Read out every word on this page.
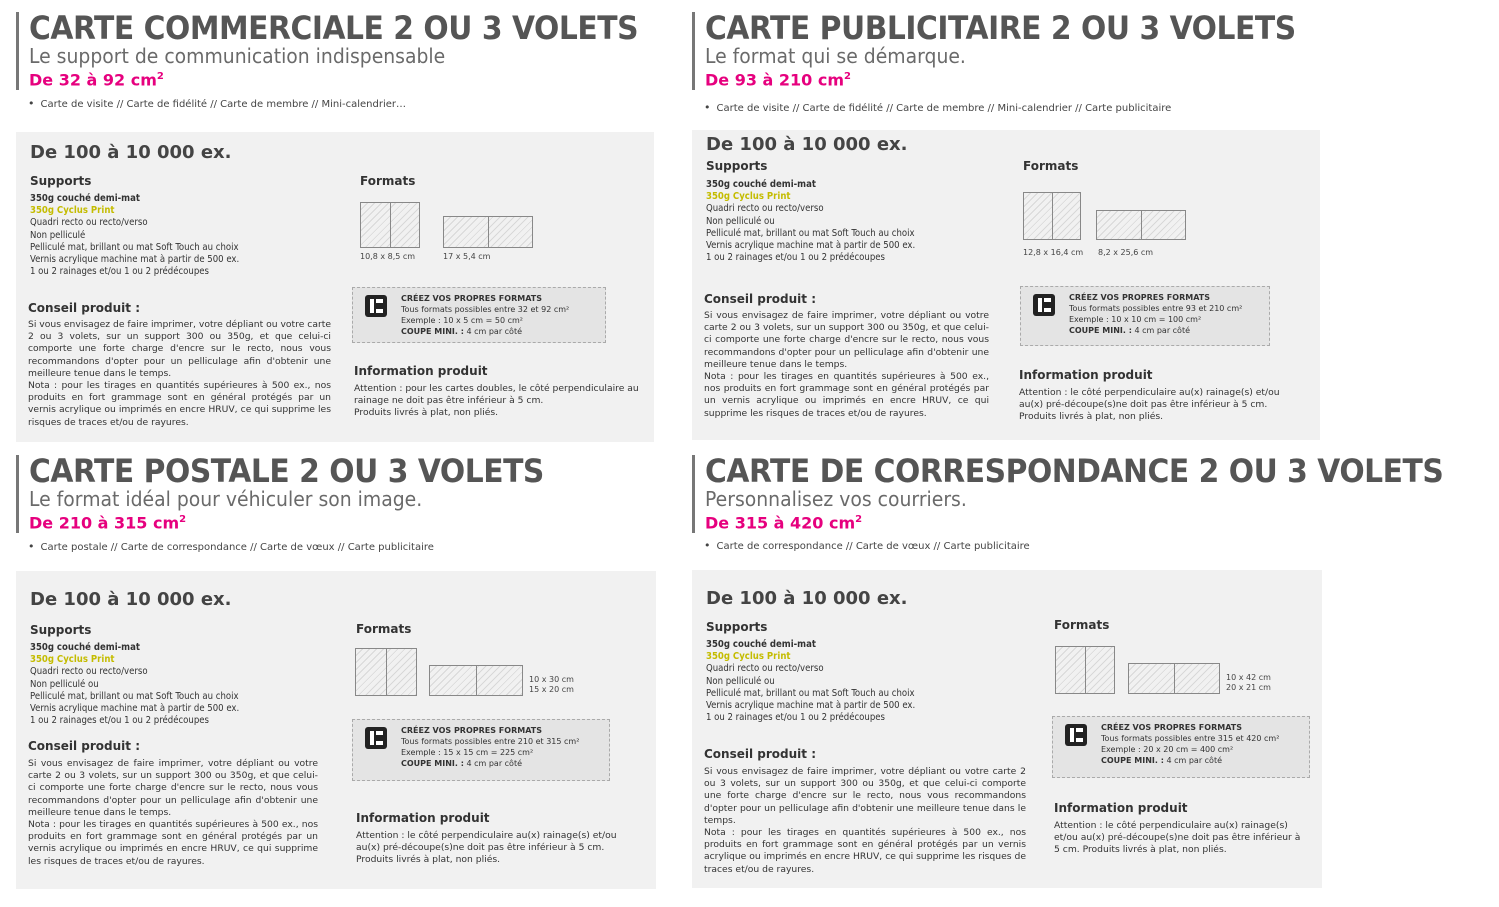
CARTE COMMERCIALE 2 OU 3 VOLETS
Le support de communication indispensable
De 32 à 92 $cm^2$
• Carte de visite // Carte de fidélité // Carte de membre // Mini-calendrier…
De 100 à 10 000 ex.
Supports
350g couché demi-mat
350g Cyclus Print
Quadri recto ou recto/verso
Non pelliculé
Pelliculé mat, brillant ou mat Soft Touch au choix
Vernis acrylique machine mat à partir de 500 ex.
1 ou 2 rainages et/ou 1 ou 2 prédécoupes
Formats
10,8 x 8,5 cm	17 x 5,4 cm
CRÉEZ VOS PROPRES FORMATS
Tous formats possibles entre 32 et 92 cm²
Exemple : 10 x 5 cm = 50 cm²
COUPE MINI. : 4 cm par côté
Conseil produit :

Si vous envisagez de faire imprimer, votre dépliant ou votre carte 2 ou 3 volets, sur un support 300 ou 350g, et que celui-ci comporte une forte charge d'encre sur le recto, nous vous recommandons d'opter pour un pelliculage afin d'obtenir une meilleure tenue dans le temps.

Nota : pour les tirages en quantités supérieures à 500 ex., nos produits en fort grammage sont en général protégés par un vernis acrylique ou imprimés en encre HRUV, ce qui supprime les risques de traces et/ou de rayures.

Information produit

Attention : pour les cartes doubles, le côté perpendiculaire au rainage ne doit pas être inférieur à 5 cm.

Produits livrés à plat, non pliés.

CARTE PUBLICITAIRE 2 OU 3 VOLETS
Le format qui se démarque.
De 93 à 210 $cm^2$
• Carte de visite // Carte de fidélité // Carte de membre // Mini-calendrier // Carte publicitaire
De 100 à 10 000 ex.
Supports
350g couché demi-mat
350g Cyclus Print
Quadri recto ou recto/verso
Non pelliculé ou
Pelliculé mat, brillant ou mat Soft Touch au choix
Vernis acrylique machine mat à partir de 500 ex.
1 ou 2 rainages et/ou 1 ou 2 prédécoupes
Formats
12,8 x 16,4 cm 8,2 x 25,6 cm
CRÉEZ VOS PROPRES FORMATS
Tous formats possibles entre 93 et 210 cm²
Exemple : 10 x 10 cm = 100 cm²
COUPE MINI. : 4 cm par côté
Conseil produit :

Si vous envisagez de faire imprimer, votre dépliant ou votre carte 2 ou 3 volets, sur un support 300 ou 350g, et que celui-ci comporte une forte charge d'encre sur le recto, nous vous recommandons d'opter pour un pelliculage afin d'obtenir une meilleure tenue dans le temps.

Nota : pour les tirages en quantités supérieures à 500 ex., nos produits en fort grammage sont en général protégés par un vernis acrylique ou imprimés en encre HRUV, ce qui supprime les risques de traces et/ou de rayures.

Information produit

Attention : le côté perpendiculaire au(x) rainage(s) et/ou au(x) pré-découpe(s)ne doit pas être inférieur à 5 cm.

Produits livrés à plat, non pliés.

CARTE POSTALE 2 OU 3 VOLETS
Le format idéal pour véhiculer son image.
De 210 à 315 $cm^2$
• Carte postale // Carte de correspondance // Carte de vœux // Carte publicitaire
De 100 à 10 000 ex.
Supports
350g couché demi-mat
350g Cyclus Print
Quadri recto ou recto/verso
Non pelliculé ou
Pelliculé mat, brillant ou mat Soft Touch au choix
Vernis acrylique machine mat à partir de 500 ex.
1 ou 2 rainages et/ou 1 ou 2 prédécoupes
Formats
10 x 30 cm
15 x 20 cm
CRÉEZ VOS PROPRES FORMATS
Tous formats possibles entre 210 et 315 cm²
Exemple : 15 x 15 cm = 225 cm²
COUPE MINI. : 4 cm par côté
Conseil produit :

Si vous envisagez de faire imprimer, votre dépliant ou votre carte 2 ou 3 volets, sur un support 300 ou 350g, et que celui-ci comporte une forte charge d'encre sur le recto, nous vous recommandons d'opter pour un pelliculage afin d'obtenir une meilleure tenue dans le temps.

Nota : pour les tirages en quantités supérieures à 500 ex., nos produits en fort grammage sont en général protégés par un vernis acrylique ou imprimés en encre HRUV, ce qui supprime les risques de traces et/ou de rayures.

Information produit

Attention : le côté perpendiculaire au(x) rainage(s) et/ou au(x) pré-découpe(s)ne doit pas être inférieur à 5 cm.

Produits livrés à plat, non pliés.

CARTE DE CORRESPONDANCE 2 OU 3 VOLETS
Personnalisez vos courriers.
De 315 à 420 $cm^2$
• Carte de correspondance // Carte de vœux // Carte publicitaire
De 100 à 10 000 ex.
Supports
350g couché demi-mat
350g Cyclus Print
Quadri recto ou recto/verso
Non pelliculé ou
Pelliculé mat, brillant ou mat Soft Touch au choix
Vernis acrylique machine mat à partir de 500 ex.
1 ou 2 rainages et/ou 1 ou 2 prédécoupes
Formats
10 x 42 cm
20 x 21 cm
CRÉEZ VOS PROPRES FORMATS
Tous formats possibles entre 315 et 420 cm²
Exemple : 20 x 20 cm = 400 cm²
COUPE MINI. : 4 cm par côté
Conseil produit :

Si vous envisagez de faire imprimer, votre dépliant ou votre carte 2 ou 3 volets, sur un support 300 ou 350g, et que celui-ci comporte une forte charge d'encre sur le recto, nous vous recommandons d'opter pour un pelliculage afin d'obtenir une meilleure tenue dans le temps.

Nota : pour les tirages en quantités supérieures à 500 ex., nos produits en fort grammage sont en général protégés par un vernis acrylique ou imprimés en encre HRUV, ce qui supprime les risques de traces et/ou de rayures.

Information produit

Attention : le côté perpendiculaire au(x) rainage(s) et/ou au(x) pré-découpe(s)ne doit pas être inférieur à 5 cm. Produits livrés à plat, non pliés.
